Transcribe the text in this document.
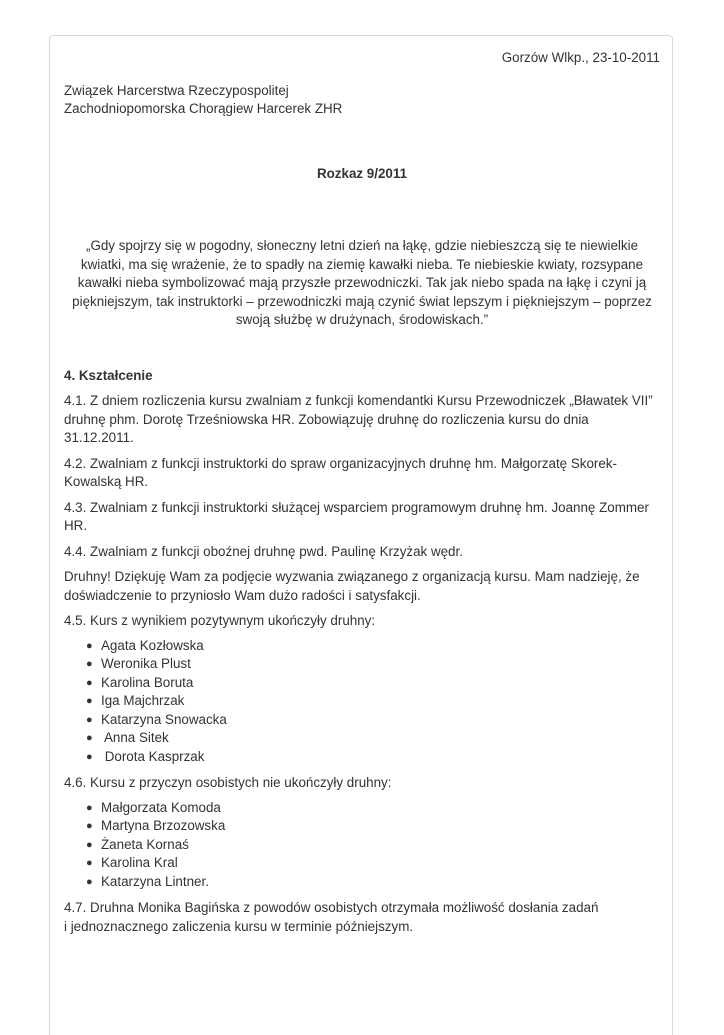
Gorzów Wlkp., 23-10-2011
Związek Harcerstwa Rzeczypospolitej
Zachodniopomorska Chorągiew Harcerek ZHR
Rozkaz 9/2011
„Gdy spojrzy się w pogodny, słoneczny letni dzień na łąkę, gdzie niebieszczą się te niewielkie kwiatki, ma się wrażenie, że to spadły na ziemię kawałki nieba. Te niebieskie kwiaty, rozsypane kawałki nieba symbolizować mają przyszłe przewodniczki. Tak jak niebo spada na łąkę i czyni ją piękniejszym, tak instruktorki – przewodniczki mają czynić świat lepszym i piękniejszym – poprzez swoją służbę w drużynach, środowiskach.”
4. Kształcenie

4.1. Z dniem rozliczenia kursu zwalniam z funkcji komendantki Kursu Przewodniczek „Bławatek VII” druhnę phm. Dorotę Trześniowska HR. Zobowiązuję druhnę do rozliczenia kursu do dnia 31.12.2011.

4.2. Zwalniam z funkcji instruktorki do spraw organizacyjnych druhnę hm. Małgorzatę Skorek-Kowalską HR.

4.3. Zwalniam z funkcji instruktorki służącej wsparciem programowym druhnę hm. Joannę Zommer HR.

4.4. Zwalniam z funkcji oboźnej druhnę pwd. Paulinę Krzyżak wędr.

Druhny! Dziękuję Wam za podjęcie wyzwania związanego z organizacją kursu. Mam nadzieję, że doświadczenie to przyniosło Wam dużo radości i satysfakcji.

4.5. Kurs z wynikiem pozytywnym ukończyły druhny:

● Agata Kozłowska
● Weronika Plust
● Karolina Boruta
● Iga Majchrzak
● Katarzyna Snowacka
● Anna Sitek
● Dorota Kasprzak

4.6. Kursu z przyczyn osobistych nie ukończyły druhny:

● Małgorzata Komoda
● Martyna Brzozowska
● Żaneta Kornaś
● Karolina Kral
● Katarzyna Lintner.

4.7. Druhna Monika Bagińska z powodów osobistych otrzymała możliwość dosłania zadań
i jednoznacznego zaliczenia kursu w terminie późniejszym.
